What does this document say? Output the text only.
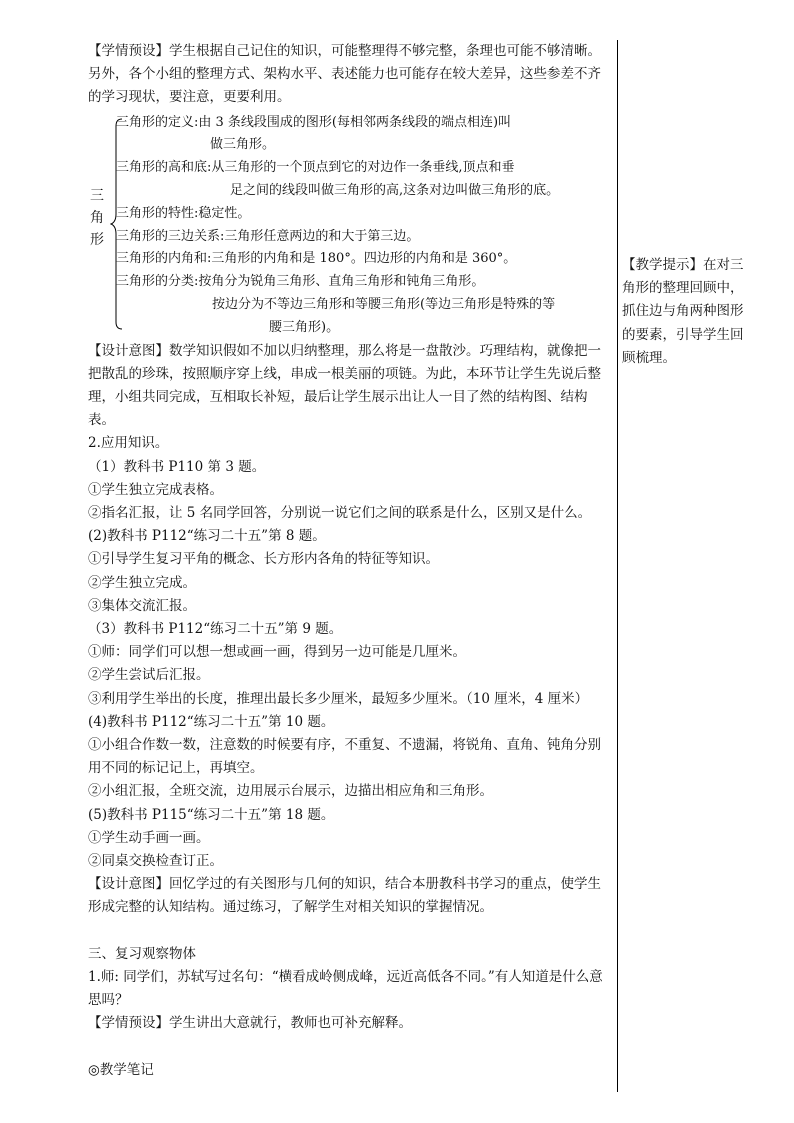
【学情预设】学生根据自己记住的知识，可能整理得不够完整，条理也可能不够清晰。另外，各个小组的整理方式、架构水平、表述能力也可能存在较大差异，这些参差不齐的学习现状，要注意，更要利用。

三
角
形
三角形的定义:由 3 条线段围成的图形(每相邻两条线段的端点相连)叫
做三角形。
三角形的高和底:从三角形的一个顶点到它的对边作一条垂线,顶点和垂
足之间的线段叫做三角形的高,这条对边叫做三角形的底。
三角形的特性:稳定性。
三角形的三边关系:三角形任意两边的和大于第三边。
三角形的内角和:三角形的内角和是 180°。四边形的内角和是 360°。
三角形的分类:按角分为锐角三角形、直角三角形和钝角三角形。
按边分为不等边三角形和等腰三角形(等边三角形是特殊的等
腰三角形)。

【设计意图】数学知识假如不加以归纳整理，那么将是一盘散沙。巧理结构，就像把一把散乱的珍珠，按照顺序穿上线，串成一根美丽的项链。为此，本环节让学生先说后整理，小组共同完成，互相取长补短，最后让学生展示出让人一目了然的结构图、结构表。

2.应用知识。

（1）教科书 P110 第 3 题。

①学生独立完成表格。

②指名汇报，让 5 名同学回答，分别说一说它们之间的联系是什么，区别又是什么。

(2)教科书 P112“练习二十五”第 8 题。

①引导学生复习平角的概念、长方形内各角的特征等知识。

②学生独立完成。

③集体交流汇报。

（3）教科书 P112“练习二十五”第 9 题。

①师：同学们可以想一想或画一画，得到另一边可能是几厘米。

②学生尝试后汇报。

③利用学生举出的长度，推理出最长多少厘米，最短多少厘米。（10 厘米，4 厘米）

(4)教科书 P112“练习二十五”第 10 题。

①小组合作数一数，注意数的时候要有序，不重复、不遗漏，将锐角、直角、钝角分别用不同的标记记上，再填空。

②小组汇报，全班交流，边用展示台展示，边描出相应角和三角形。

(5)教科书 P115“练习二十五”第 18 题。

①学生动手画一画。

②同桌交换检查订正。

【设计意图】回忆学过的有关图形与几何的知识，结合本册教科书学习的重点，使学生形成完整的认知结构。通过练习，了解学生对相关知识的掌握情况。

三、复习观察物体

1.师: 同学们，苏轼写过名句：“横看成岭侧成峰，远近高低各不同。”有人知道是什么意思吗？

【学情预设】学生讲出大意就行，教师也可补充解释。

◎教学笔记

【教学提示】在对三角形的整理回顾中，抓住边与角两种图形的要素，引导学生回顾梳理。
